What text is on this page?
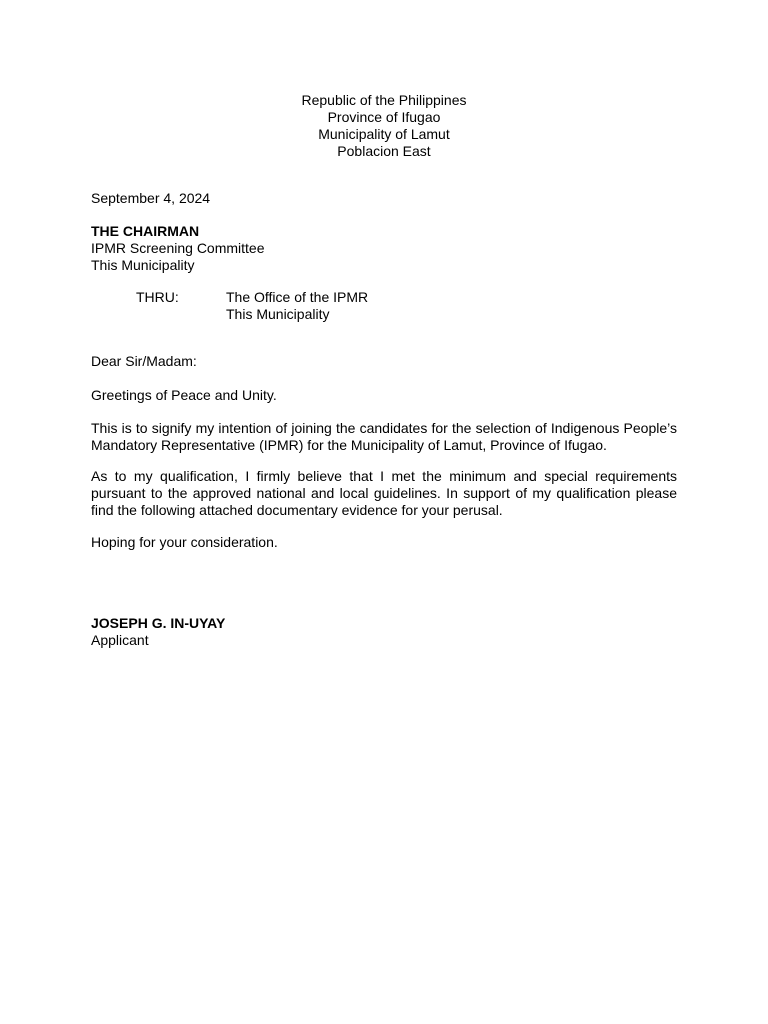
Republic of the Philippines
Province of Ifugao
Municipality of Lamut
Poblacion East
September 4, 2024
THE CHAIRMAN
IPMR Screening Committee
This Municipality
THRU:	The Office of the IPMR
This Municipality
Dear Sir/Madam:
Greetings of Peace and Unity.

This is to signify my intention of joining the candidates for the selection of Indigenous People’s Mandatory Representative (IPMR) for the Municipality of Lamut, Province of Ifugao.

As to my qualification, I firmly believe that I met the minimum and special requirements pursuant to the approved national and local guidelines. In support of my qualification please find the following attached documentary evidence for your perusal.

Hoping for your consideration.
JOSEPH G. IN-UYAY
Applicant
